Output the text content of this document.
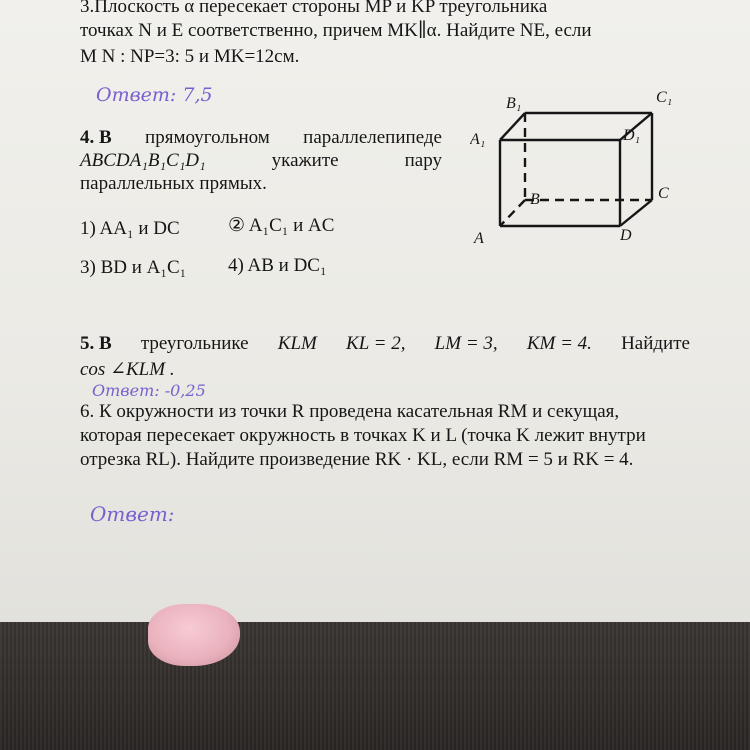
3.Плоскость α пересекает стороны MP и KP треугольника

точках N и E соответственно, причем MK∥α. Найдите NE, если

M N : NP=3: 5 и MK=12см.

Ответ: 7,5
4. В прямоугольном параллелепипеде
ABCDA₁B₁C₁D₁	укажите	пару

параллельных прямых.

1) AA₁ и DC	② A₁C₁ и AC

3) BD и A₁C₁ 4) AB и DC₁

B₁	C₁
A₁	D₁
B	C
A	D
5. В треугольнике KLM KL = 2, LM = 3, KM = 4. Найдите

cos ∠KLM .

Ответ: -0,25

6. К окружности из точки R проведена касательная RM и секущая,

которая пересекает окружность в точках K и L (точка K лежит внутри

отрезка RL). Найдите произведение RK · KL, если RM = 5 и RK = 4.

Ответ:
